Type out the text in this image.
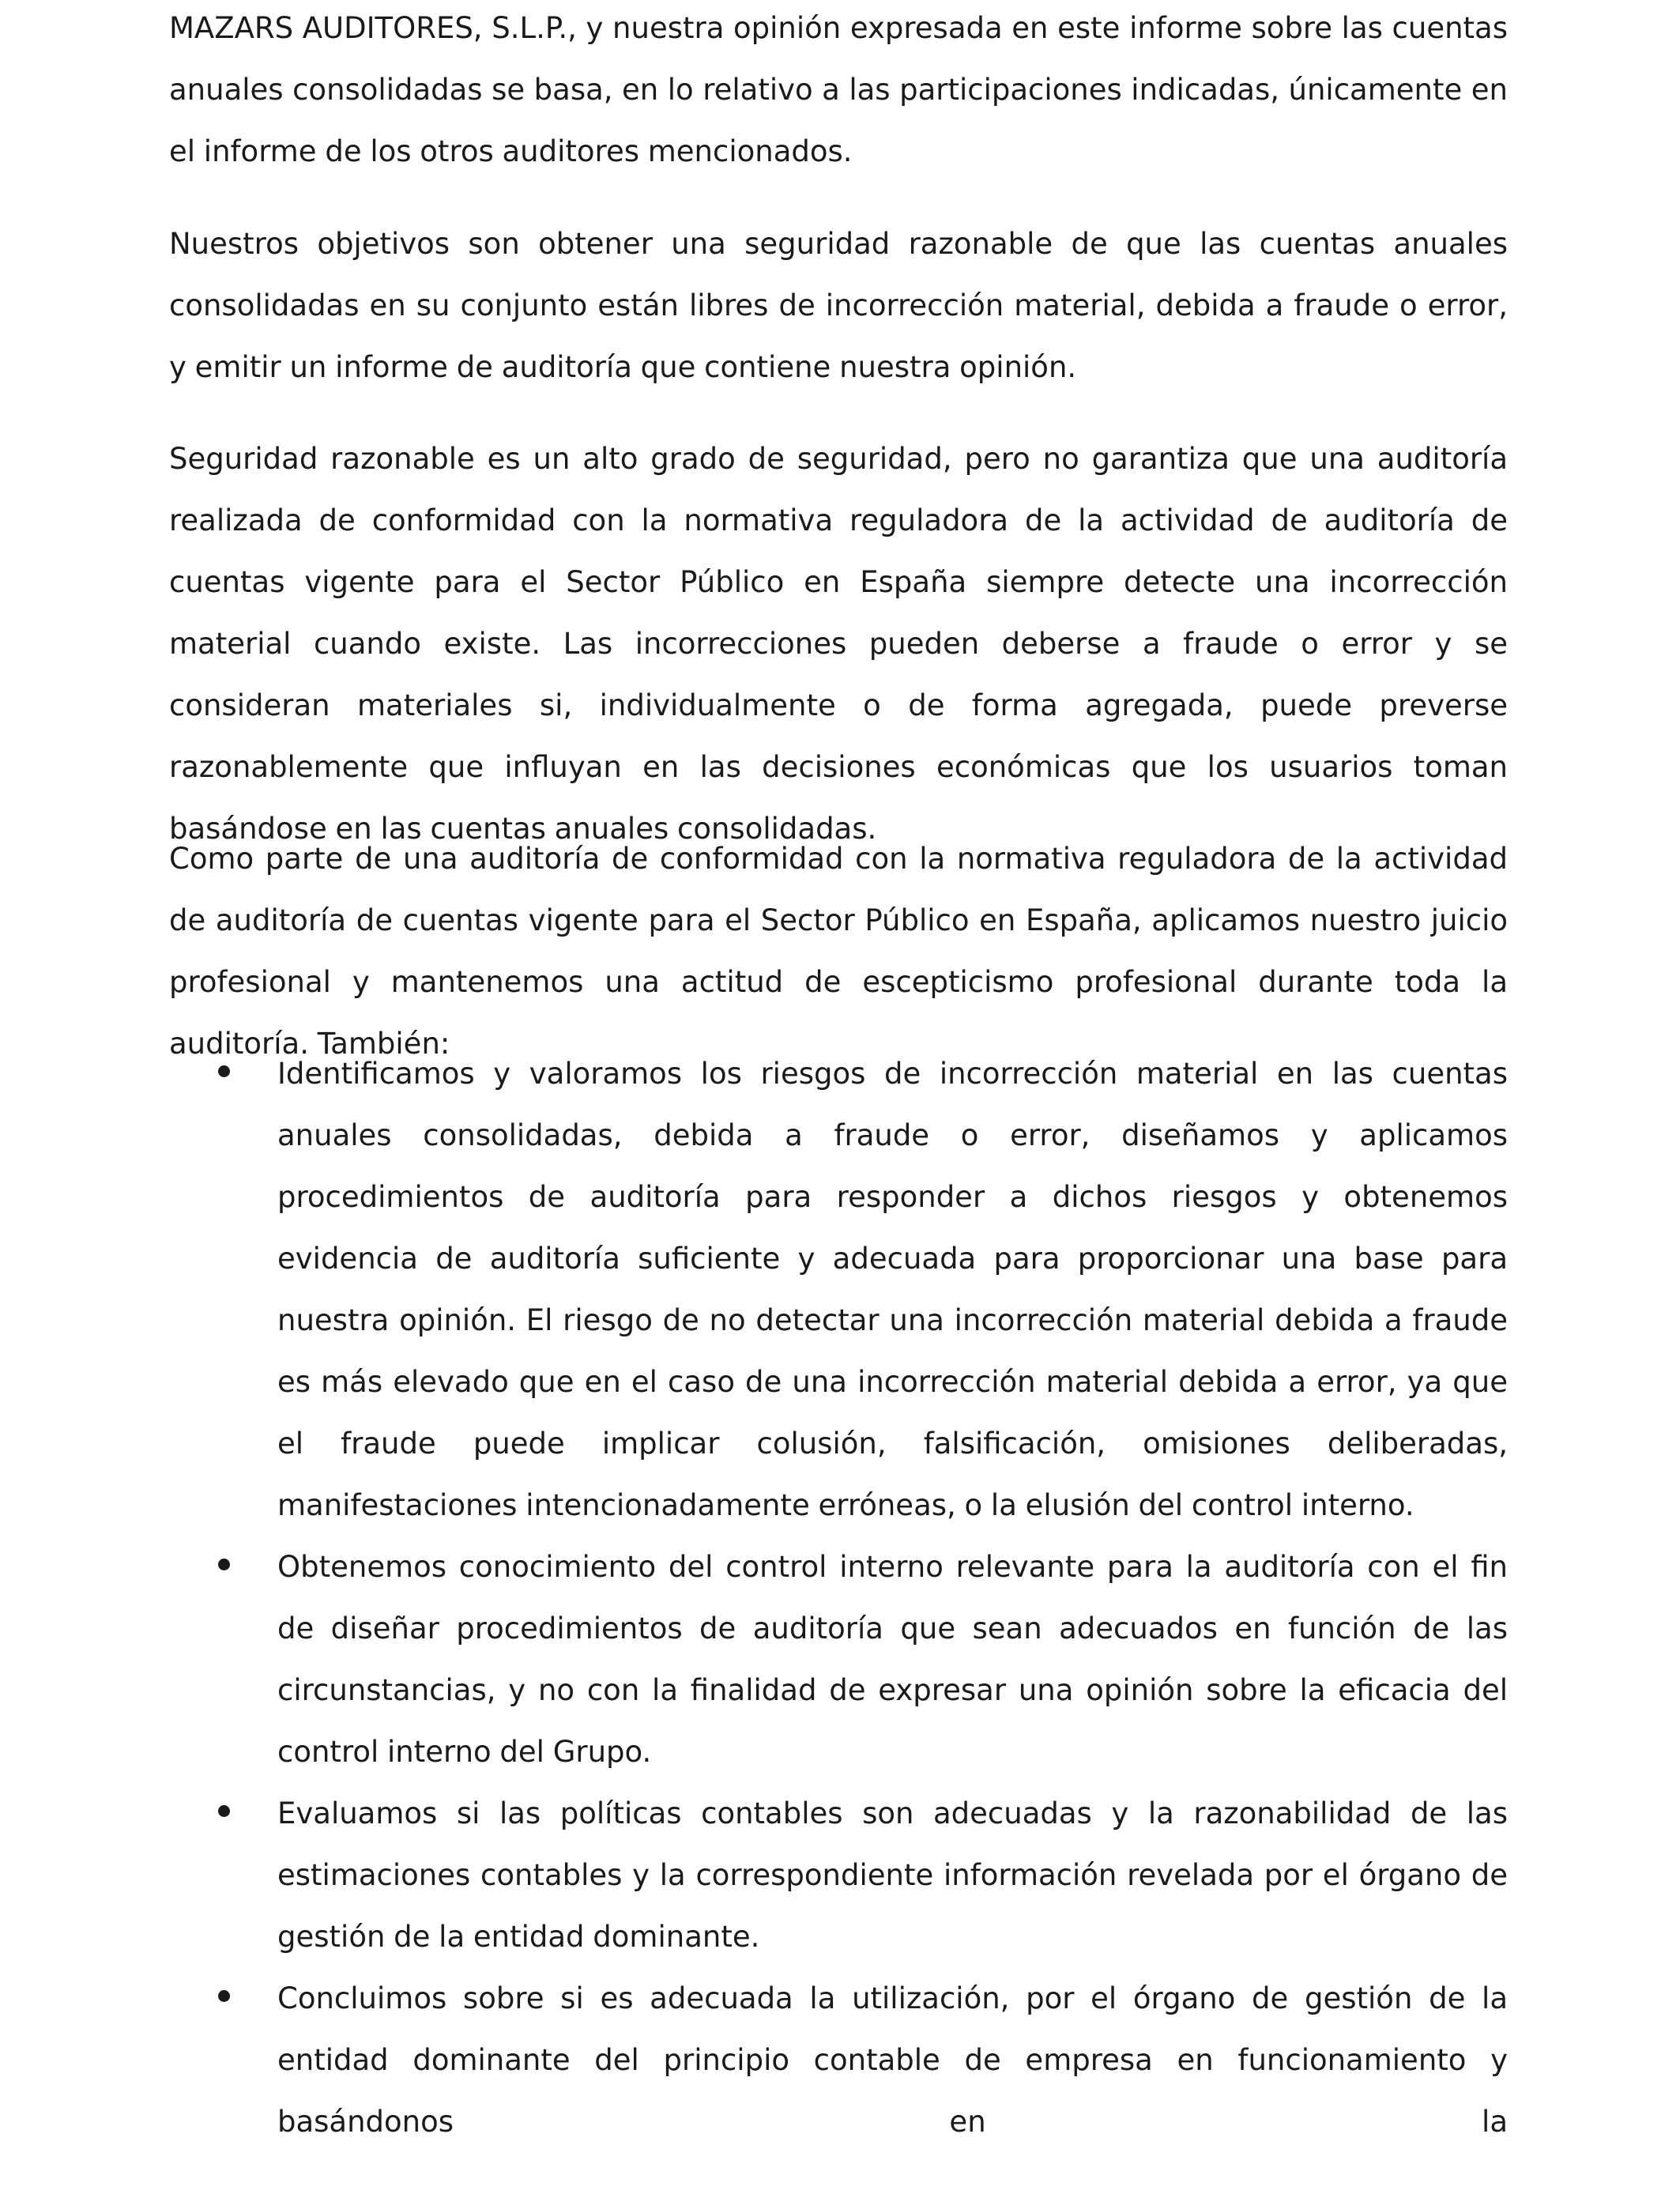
MAZARS AUDITORES, S.L.P., y nuestra opinión expresada en este informe sobre las cuentas anuales consolidadas se basa, en lo relativo a las participaciones indicadas, únicamente en el informe de los otros auditores mencionados.

Nuestros objetivos son obtener una seguridad razonable de que las cuentas anuales consolidadas en su conjunto están libres de incorrección material, debida a fraude o error, y emitir un informe de auditoría que contiene nuestra opinión.

Seguridad razonable es un alto grado de seguridad, pero no garantiza que una auditoría realizada de conformidad con la normativa reguladora de la actividad de auditoría de cuentas vigente para el Sector Público en España siempre detecte una incorrección material cuando existe. Las incorrecciones pueden deberse a fraude o error y se consideran materiales si, individualmente o de forma agregada, puede preverse razonablemente que influyan en las decisiones económicas que los usuarios toman basándose en las cuentas anuales consolidadas.

Como parte de una auditoría de conformidad con la normativa reguladora de la actividad de auditoría de cuentas vigente para el Sector Público en España, aplicamos nuestro juicio profesional y mantenemos una actitud de escepticismo profesional durante toda la auditoría. También:

Identificamos y valoramos los riesgos de incorrección material en las cuentas anuales consolidadas, debida a fraude o error, diseñamos y aplicamos procedimientos de auditoría para responder a dichos riesgos y obtenemos evidencia de auditoría suficiente y adecuada para proporcionar una base para nuestra opinión. El riesgo de no detectar una incorrección material debida a fraude es más elevado que en el caso de una incorrección material debida a error, ya que el fraude puede implicar colusión, falsificación, omisiones deliberadas, manifestaciones intencionadamente erróneas, o la elusión del control interno.
Obtenemos conocimiento del control interno relevante para la auditoría con el fin de diseñar procedimientos de auditoría que sean adecuados en función de las circunstancias, y no con la finalidad de expresar una opinión sobre la eficacia del control interno del Grupo.
Evaluamos si las políticas contables son adecuadas y la razonabilidad de las estimaciones contables y la correspondiente información revelada por el órgano de gestión de la entidad dominante.
Concluimos sobre si es adecuada la utilización, por el órgano de gestión de la entidad dominante del principio contable de empresa en funcionamiento y basándonos en la
